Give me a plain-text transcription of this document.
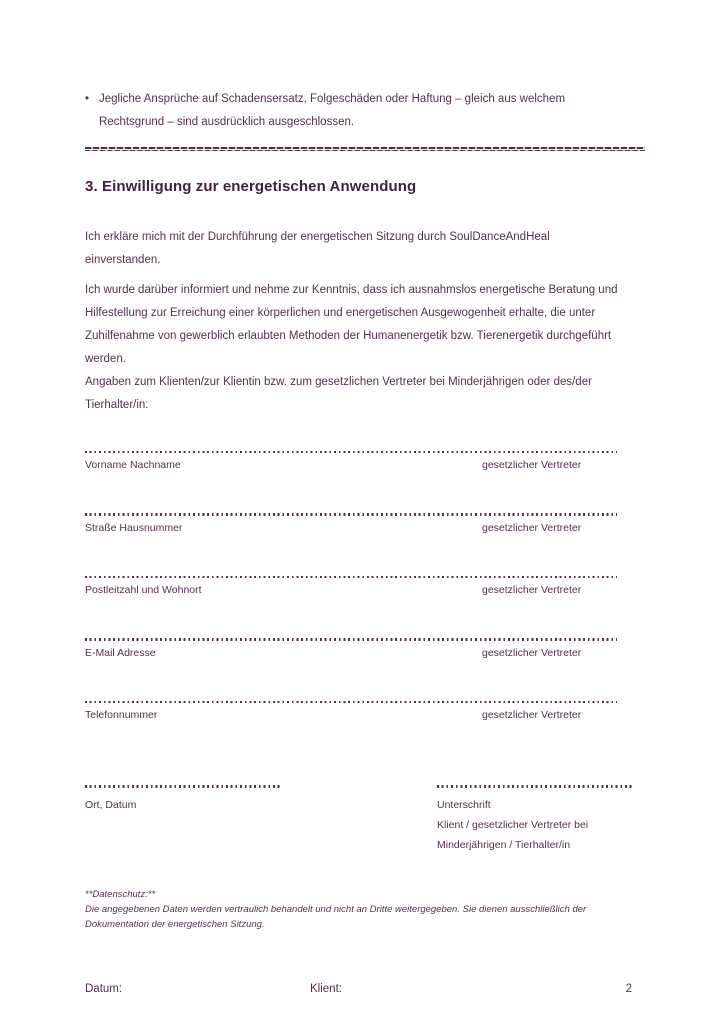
• Jegliche Ansprüche auf Schadensersatz, Folgeschäden oder Haftung – gleich aus welchem Rechtsgrund – sind ausdrücklich ausgeschlossen.

3. Einwilligung zur energetischen Anwendung

Ich erkläre mich mit der Durchführung der energetischen Sitzung durch SoulDanceAndHeal einverstanden.

Ich wurde darüber informiert und nehme zur Kenntnis, dass ich ausnahmslos energetische Beratung und Hilfestellung zur Erreichung einer körperlichen und energetischen Ausgewogenheit erhalte, die unter Zuhilfenahme von gewerblich erlaubten Methoden der Humanenergetik bzw. Tierenergetik durchgeführt werden.

Angaben zum Klienten/zur Klientin bzw. zum gesetzlichen Vertreter bei Minderjährigen oder des/der Tierhalter/in:

Vorname Nachname	gesetzlicher Vertreter
Straße Hausnummer	gesetzlicher Vertreter
Postleitzahl und Wohnort	gesetzlicher Vertreter
E-Mail Adresse	gesetzlicher Vertreter
Telefonnummer	gesetzlicher Vertreter
Ort, Datum	Unterschrift
Klient / gesetzlicher Vertreter bei
Minderjährigen / Tierhalter/in

**Datenschutz:**

Die angegebenen Daten werden vertraulich behandelt und nicht an Dritte weitergegeben. Sie dienen ausschließlich der Dokumentation der energetischen Sitzung.

Datum:	Klient:	2
